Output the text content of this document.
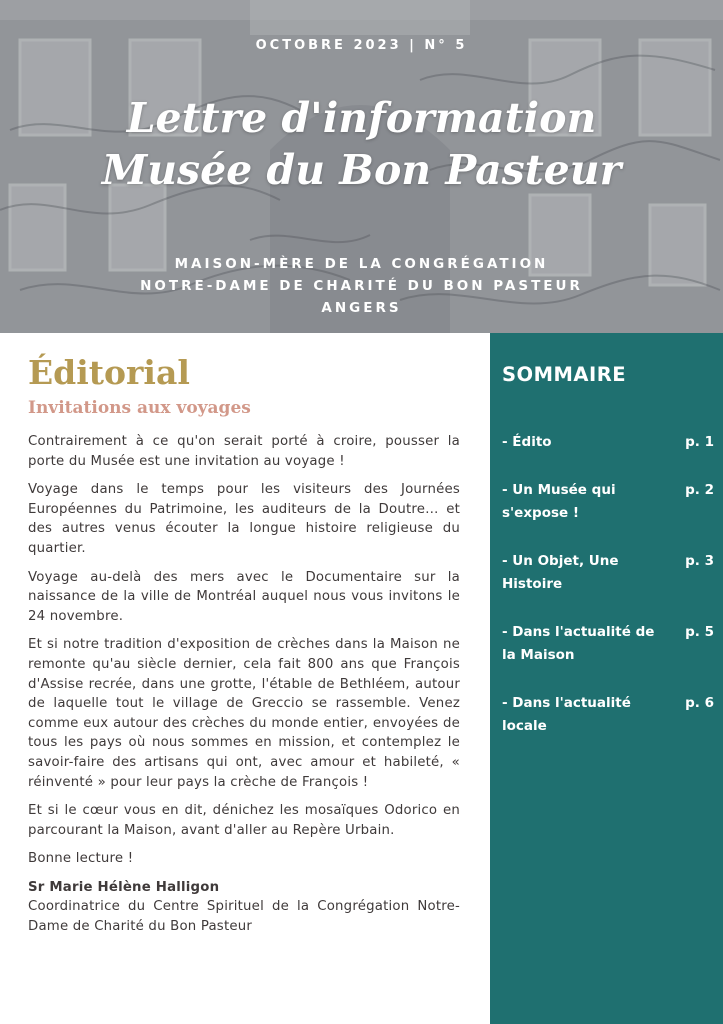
OCTOBRE 2023 | N° 5
Lettre d'information
Musée du Bon Pasteur
MAISON-MÈRE DE LA CONGRÉGATION
NOTRE-DAME DE CHARITÉ DU BON PASTEUR
ANGERS
Éditorial
Invitations aux voyages

Contrairement à ce qu'on serait porté à croire, pousser la porte du Musée est une invitation au voyage !

Voyage dans le temps pour les visiteurs des Journées Européennes du Patrimoine, les auditeurs de la Doutre… et des autres venus écouter la longue histoire religieuse du quartier.

Voyage au-delà des mers avec le Documentaire sur la naissance de la ville de Montréal auquel nous vous invitons le 24 novembre.

Et si notre tradition d'exposition de crèches dans la Maison ne remonte qu'au siècle dernier, cela fait 800 ans que François d'Assise recrée, dans une grotte, l'étable de Bethléem, autour de laquelle tout le village de Greccio se rassemble. Venez comme eux autour des crèches du monde entier, envoyées de tous les pays où nous sommes en mission, et contemplez le savoir-faire des artisans qui ont, avec amour et habileté, « réinventé » pour leur pays la crèche de François !

Et si le cœur vous en dit, dénichez les mosaïques Odorico en parcourant la Maison, avant d'aller au Repère Urbain.

Bonne lecture !

Sr Marie Hélène Halligon

Coordinatrice du Centre Spirituel de la Congrégation Notre-Dame de Charité du Bon Pasteur

SOMMAIRE
- Édito	p. 1
- Un Musée qui s'expose !
p. 2
- Un Objet, Une Histoire
p. 3
- Dans l'actualité de la Maison
p. 5
- Dans l'actualité locale
p. 6
